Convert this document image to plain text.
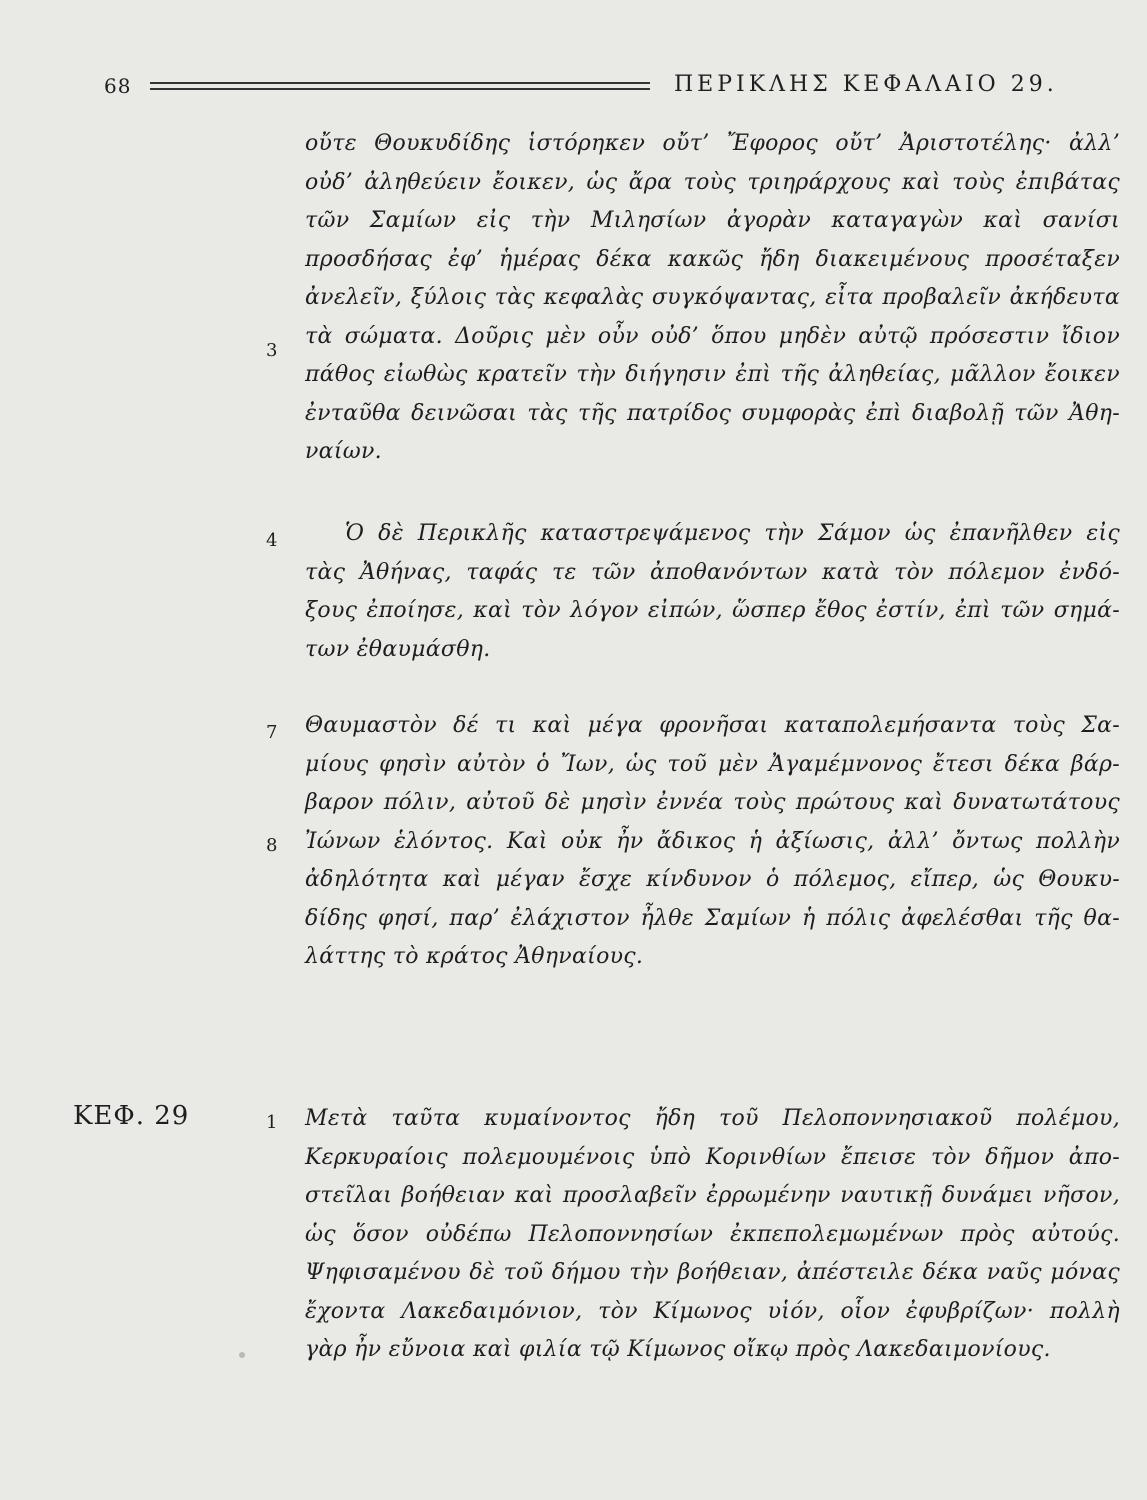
68	ΠΕΡΙΚΛΗΣ ΚΕΦΑΛΑΙΟ 29.
οὔτε Θουκυδίδης ἱστόρηκεν οὔτ’ Ἔφορος οὔτ’ Ἀριστοτέλης· ἀλλ’
οὐδ’ ἀληθεύειν ἔοικεν, ὡς ἄρα τοὺς τριηράρχους καὶ τοὺς ἐπιβάτας
τῶν Σαμίων εἰς τὴν Μιλησίων ἀγορὰν καταγαγὼν καὶ σανίσι
προσδήσας ἐφ’ ἡμέρας δέκα κακῶς ἤδη διακειμένους προσέταξεν
ἀνελεῖν, ξύλοις τὰς κεφαλὰς συγκόψαντας, εἶτα προβαλεῖν ἀκήδευτα
τὰ σώματα. Δοῦρις μὲν οὖν οὐδ’ ὅπου μηδὲν αὐτῷ πρόσεστιν ἴδιον
πάθος εἰωθὼς κρατεῖν τὴν διήγησιν ἐπὶ τῆς ἀληθείας, μᾶλλον ἔοικεν
ἐνταῦθα δεινῶσαι τὰς τῆς πατρίδος συμφορὰς ἐπὶ διαβολῇ τῶν Ἀθη-
ναίων.
Ὁ δὲ Περικλῆς καταστρεψάμενος τὴν Σάμον ὡς ἐπανῆλθεν εἰς
τὰς Ἀθήνας, ταφάς τε τῶν ἀποθανόντων κατὰ τὸν πόλεμον ἐνδό-
ξους ἐποίησε, καὶ τὸν λόγον εἰπών, ὥσπερ ἔθος ἐστίν, ἐπὶ τῶν σημά-
των ἐθαυμάσθη.
Θαυμαστὸν δέ τι καὶ μέγα φρονῆσαι καταπολεμήσαντα τοὺς Σα-
μίους φησὶν αὐτὸν ὁ Ἴων, ὡς τοῦ μὲν Ἀγαμέμνονος ἔτεσι δέκα βάρ-
βαρον πόλιν, αὐτοῦ δὲ μησὶν ἐννέα τοὺς πρώτους καὶ δυνατωτάτους
Ἰώνων ἑλόντος. Καὶ οὐκ ἦν ἄδικος ἡ ἀξίωσις, ἀλλ’ ὄντως πολλὴν
ἀδηλότητα καὶ μέγαν ἔσχε κίνδυνον ὁ πόλεμος, εἴπερ, ὡς Θουκυ-
δίδης φησί, παρ’ ἐλάχιστον ἦλθε Σαμίων ἡ πόλις ἀφελέσθαι τῆς θα-
λάττης τὸ κράτος Ἀθηναίους.
Μετὰ ταῦτα κυμαίνοντος ἤδη τοῦ Πελοποννησιακοῦ πολέμου,
Κερκυραίοις πολεμουμένοις ὑπὸ Κορινθίων ἔπεισε τὸν δῆμον ἀπο-
στεῖλαι βοήθειαν καὶ προσλαβεῖν ἐρρωμένην ναυτικῇ δυνάμει νῆσον,
ὡς ὅσον οὐδέπω Πελοποννησίων ἐκπεπολεμωμένων πρὸς αὐτούς.
Ψηφισαμένου δὲ τοῦ δήμου τὴν βοήθειαν, ἀπέστειλε δέκα ναῦς μόνας
ἔχοντα Λακεδαιμόνιον, τὸν Κίμωνος υἱόν, οἷον ἐφυβρίζων· πολλὴ
γὰρ ἦν εὔνοια καὶ φιλία τῷ Κίμωνος οἴκῳ πρὸς Λακεδαιμονίους.
3
4
7
8
1
ΚΕΦ. 29
